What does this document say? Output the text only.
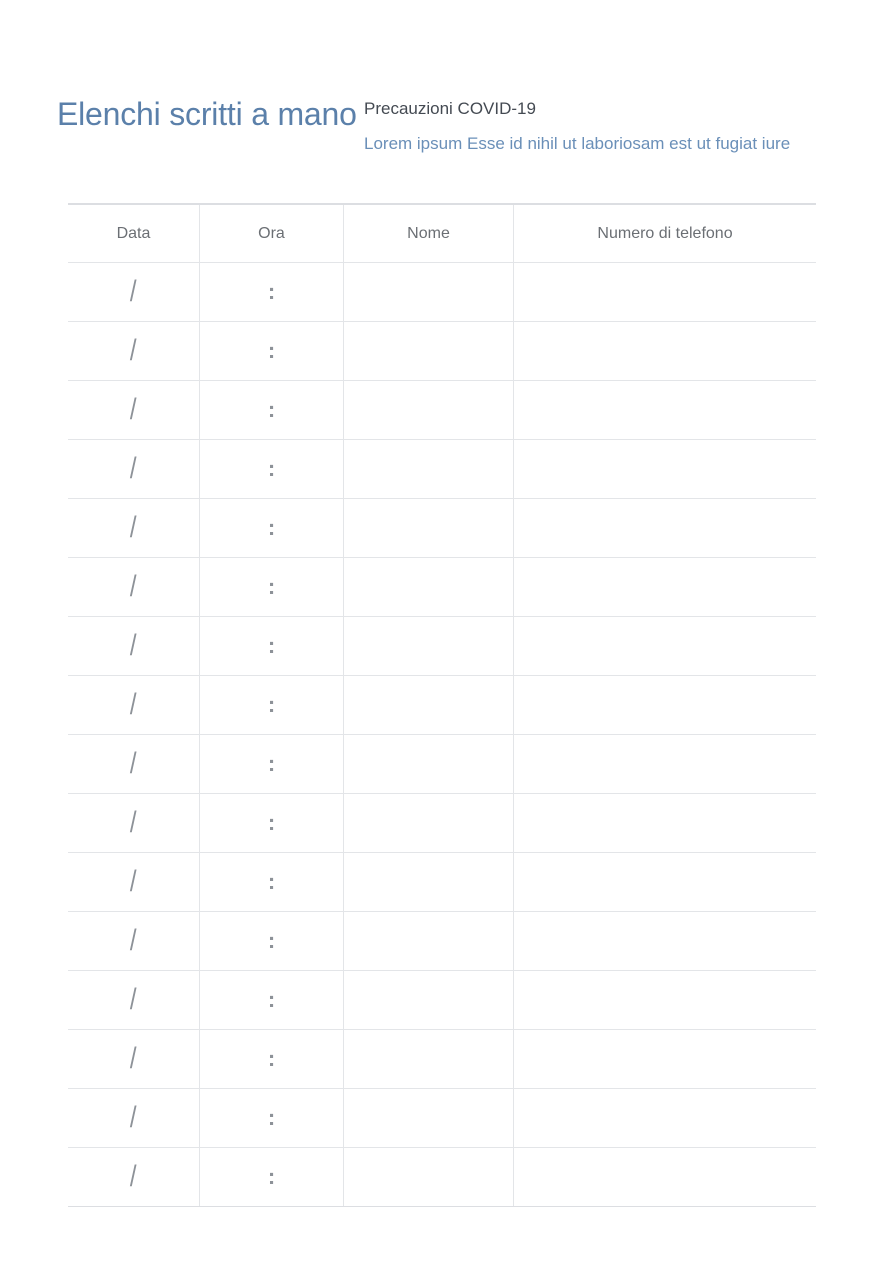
Elenchi scritti a mano Precauzioni COVID-19
Lorem ipsum Esse id nihil ut laboriosam est ut fugiat iure
Data	Ora	Nome	Numero di telefono
/	:		
/	:		
/	:		
/	:		
/	:		
/	:		
/	:		
/	:		
/	:		
/	:		
/	:		
/	:		
/	:		
/	:		
/	:		
/	:		
